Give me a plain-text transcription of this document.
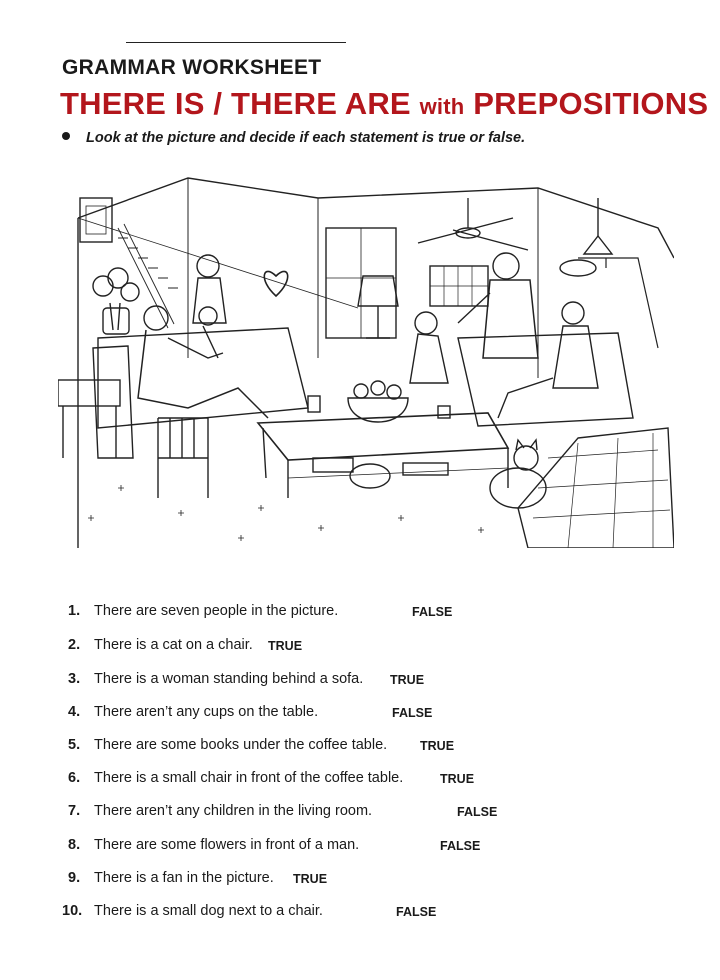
GRAMMAR WORKSHEET
THERE IS / THERE ARE with PREPOSITIONS
Look at the picture and decide if each statement is true or false.
1. There are seven people in the picture.	FALSE
2. There is a cat on a chair. TRUE
3. There is a woman standing behind a sofa. TRUE
4. There aren’t any cups on the table.	FALSE
5. There are some books under the coffee table.	TRUE
6. There is a small chair in front of the coffee table.	TRUE
7. There aren’t any children in the living room.	FALSE
8. There are some flowers in front of a man.	FALSE
9. There is a fan in the picture. TRUE
10. There is a small dog next to a chair.	FALSE
